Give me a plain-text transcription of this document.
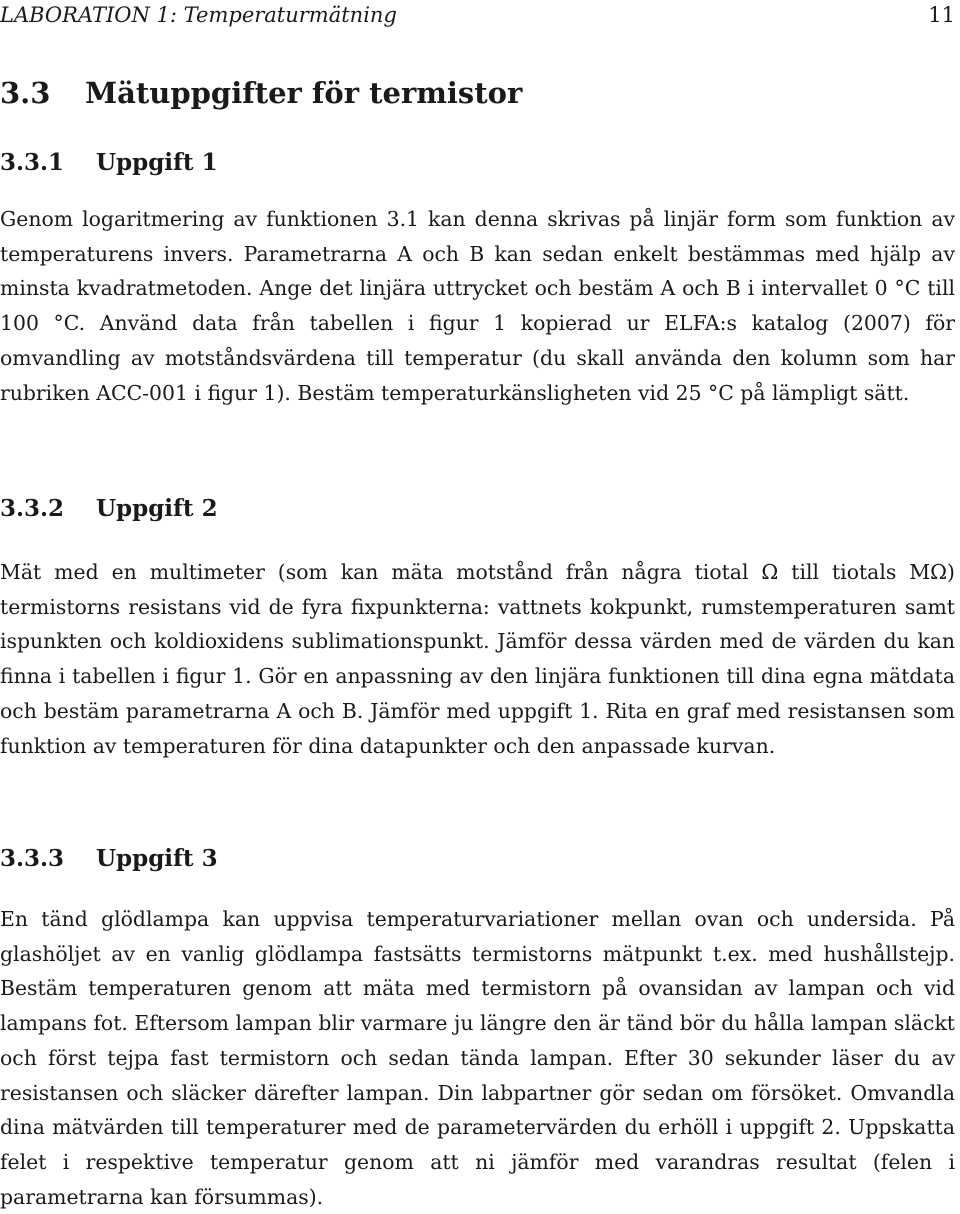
LABORATION 1: Temperaturmätning	11
3.3 Mätuppgifter för termistor
3.3.1 Uppgift 1

Genom logaritmering av funktionen 3.1 kan denna skrivas på linjär form som funktion av temperaturens invers. Parametrarna A och B kan sedan enkelt bestämmas med hjälp av minsta kvadratmetoden. Ange det linjära uttrycket och bestäm A och B i intervallet 0 °C till 100 °C. Använd data från tabellen i figur 1 kopierad ur ELFA:s katalog (2007) för omvandling av motståndsvärdena till temperatur (du skall använda den kolumn som har rubriken ACC-001 i figur 1). Bestäm temperaturkänsligheten vid 25 °C på lämpligt sätt.

3.3.2 Uppgift 2

Mät med en multimeter (som kan mäta motstånd från några tiotal Ω till tiotals MΩ) termistorns resistans vid de fyra fixpunkterna: vattnets kokpunkt, rumstemperaturen samt ispunkten och koldioxidens sublimationspunkt. Jämför dessa värden med de värden du kan finna i tabellen i figur 1. Gör en anpassning av den linjära funktionen till dina egna mätdata och bestäm parametrarna A och B. Jämför med uppgift 1. Rita en graf med resistansen som funktion av temperaturen för dina datapunkter och den anpassade kurvan.

3.3.3 Uppgift 3

En tänd glödlampa kan uppvisa temperaturvariationer mellan ovan och undersida. På glashöljet av en vanlig glödlampa fastsätts termistorns mätpunkt t.ex. med hushållstejp. Bestäm temperaturen genom att mäta med termistorn på ovansidan av lampan och vid lampans fot. Eftersom lampan blir varmare ju längre den är tänd bör du hålla lampan släckt och först tejpa fast termistorn och sedan tända lampan. Efter 30 sekunder läser du av resistansen och släcker därefter lampan. Din labpartner gör sedan om försöket. Omvandla dina mätvärden till temperaturer med de parametervärden du erhöll i uppgift 2. Uppskatta felet i respektive temperatur genom att ni jämför med varandras resultat (felen i parametrarna kan försummas).
